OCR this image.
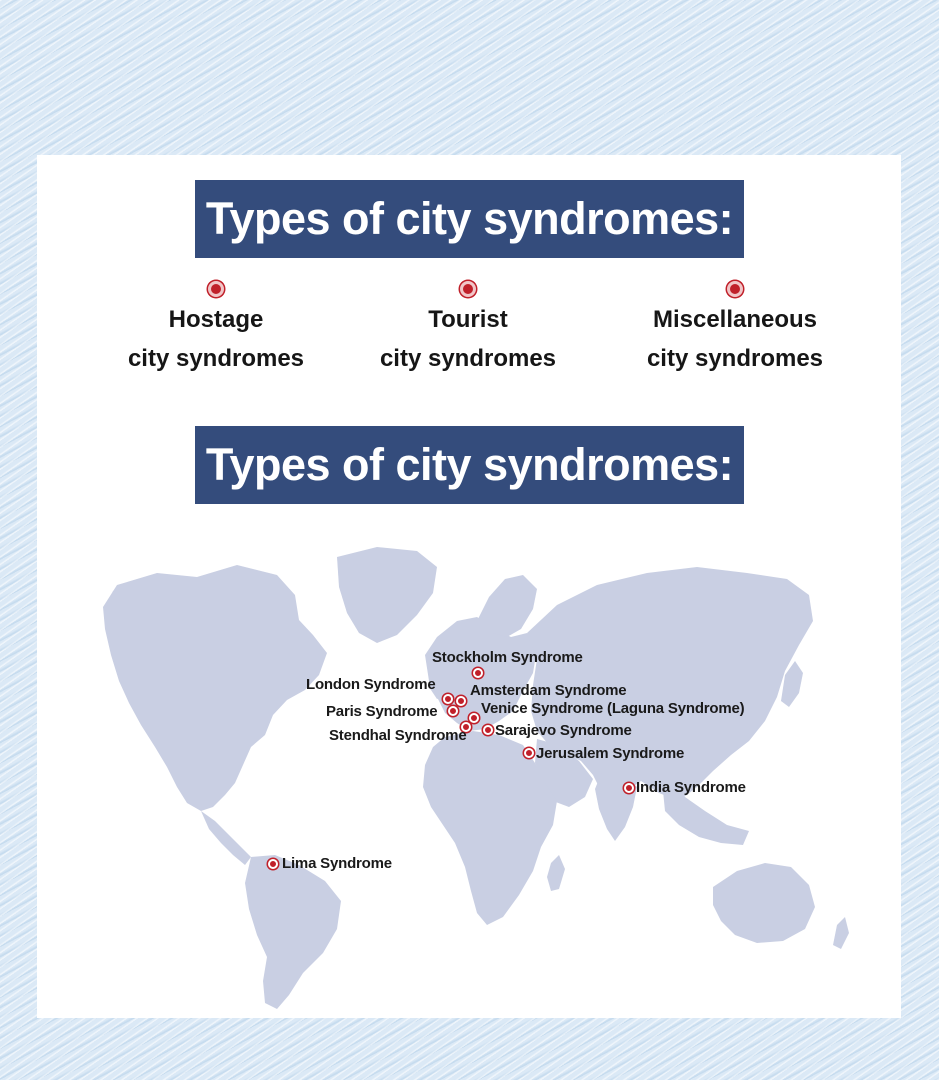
Types of city syndromes:
Hostage
city syndromes
Tourist
city syndromes
Miscellaneous
city syndromes
Types of city syndromes:
Stockholm Syndrome
London Syndrome Amsterdam Syndrome
Paris Syndrome	Venice Syndrome (Laguna Syndrome)
Stendhal Syndrome Sarajevo Syndrome
Jerusalem Syndrome
India Syndrome
Lima Syndrome
